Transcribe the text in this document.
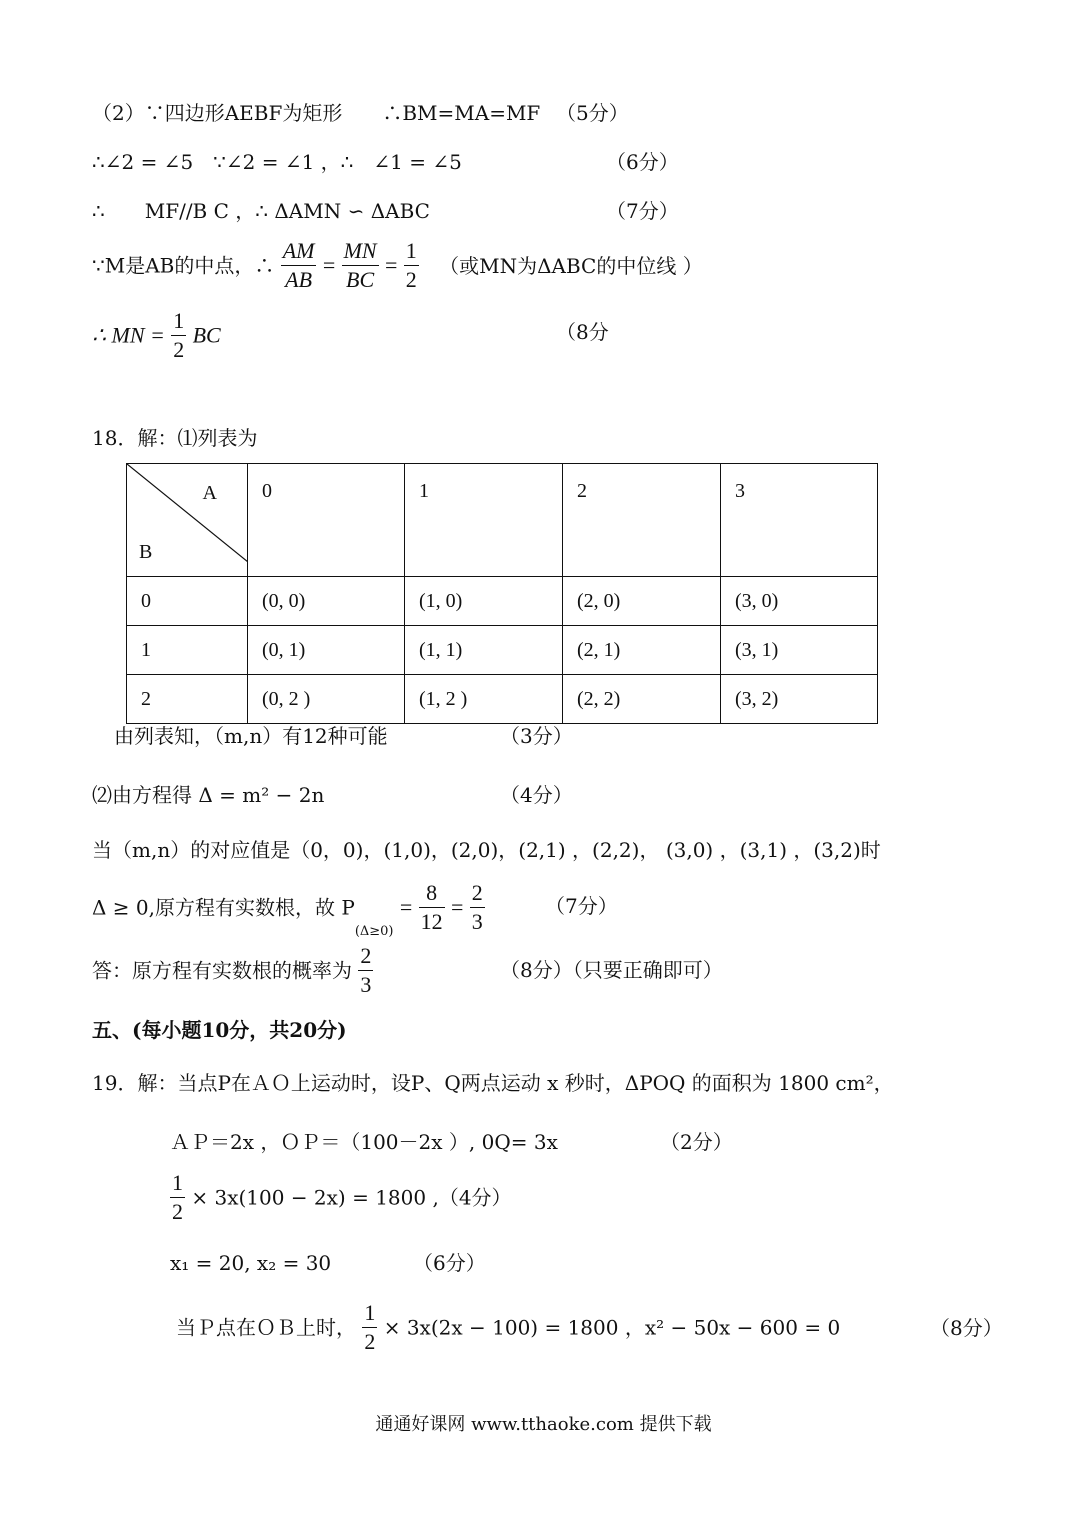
（2）∵四边形AEBF为矩形　　∴BM=MA=MF （5分）
∴∠2 = ∠5　∵∠2 = ∠1 ，∴　∠1 = ∠5	（6分）
∴　　MF//B C ，∴ ΔAMN ∽ ΔABC	（7分）
∵M是AB的中点，∴ $\frac{AM}{AB} = \frac{MN}{BC} = \frac{1}{2}$ （或MN为ΔABC的中位线 ）
∴ MN = $\frac{1}{2}$ BC	（8分
18．解：⑴列表为
A
B	0	1	2	3
0	(0, 0)	(1, 0)	(2, 0)	(3, 0)
1	(0, 1)	(1, 1)	(2, 1)	(3, 1)
2	(0, 2 )	(1, 2 )	(2, 2)	(3, 2)
由列表知，（m,n）有12种可能	（3分）
⑵由方程得 Δ = m² − 2n	（4分）
当（m,n）的对应值是（0，0)，(1,0)，(2,0)，(2,1) ，(2,2)， (3,0) ，(3,1) ，(3,2)时
Δ ≥ 0,原方程有实数根，故 $P_{(\Delta\ge 0)} = \frac{8}{12} = \frac{2}{3}$	（7分）
答：原方程有实数根的概率为 $\frac{2}{3}$	（8分）（只要正确即可）
五、(每小题10分，共20分)
19．解：当点P在ＡＯ上运动时，设P、Q两点运动 x 秒时，ΔPOQ 的面积为 1800 cm²，
ＡＰ＝2x ，ＯＰ＝（100－2x ）, 0Q= 3x	（2分）
$\frac{1}{2} \times 3x(100 - 2x) = 1800$ ,（4分）
x₁ = 20, x₂ = 30	（6分）
当Ｐ点在ＯＢ上时， $\frac{1}{2} \times 3x(2x - 100) = 1800$ ，x² − 50x − 600 = 0	（8分）
通通好课网 www.tthaoke.com 提供下载
